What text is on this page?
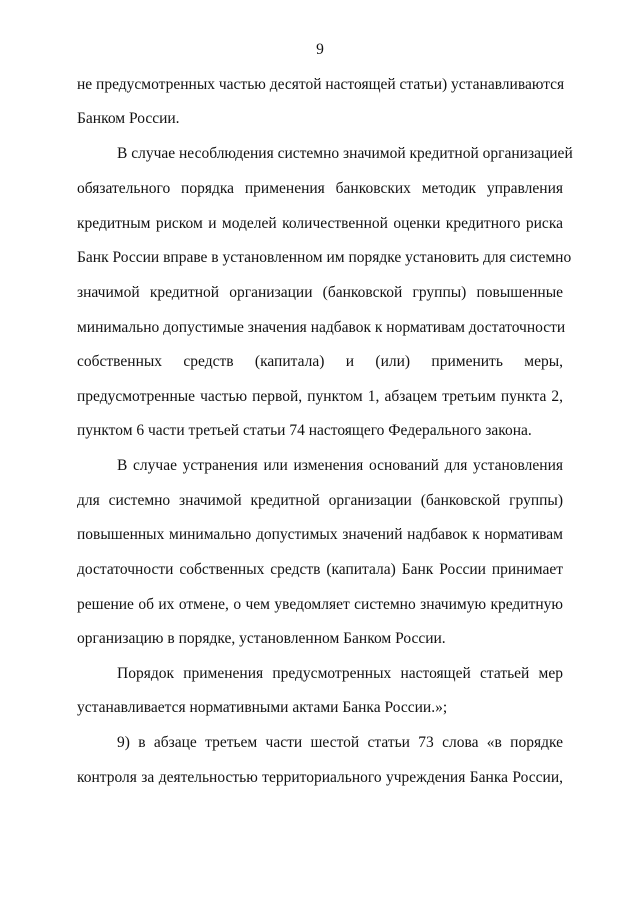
9
не предусмотренных частью десятой настоящей статьи) устанавливаются
Банком России.
В случае несоблюдения системно значимой кредитной организацией
обязательного порядка применения банковских методик управления
кредитным риском и моделей количественной оценки кредитного риска
Банк России вправе в установленном им порядке установить для системно
значимой кредитной организации (банковской группы) повышенные
минимально допустимые значения надбавок к нормативам достаточности
собственных средств (капитала) и (или) применить меры,
предусмотренные частью первой, пунктом 1, абзацем третьим пункта 2,
пунктом 6 части третьей статьи 74 настоящего Федерального закона.
В случае устранения или изменения оснований для установления
для системно значимой кредитной организации (банковской группы)
повышенных минимально допустимых значений надбавок к нормативам
достаточности собственных средств (капитала) Банк России принимает
решение об их отмене, о чем уведомляет системно значимую кредитную
организацию в порядке, установленном Банком России.
Порядок применения предусмотренных настоящей статьей мер
устанавливается нормативными актами Банка России.»;
9) в абзаце третьем части шестой статьи 73 слова «в порядке
контроля за деятельностью территориального учреждения Банка России,
